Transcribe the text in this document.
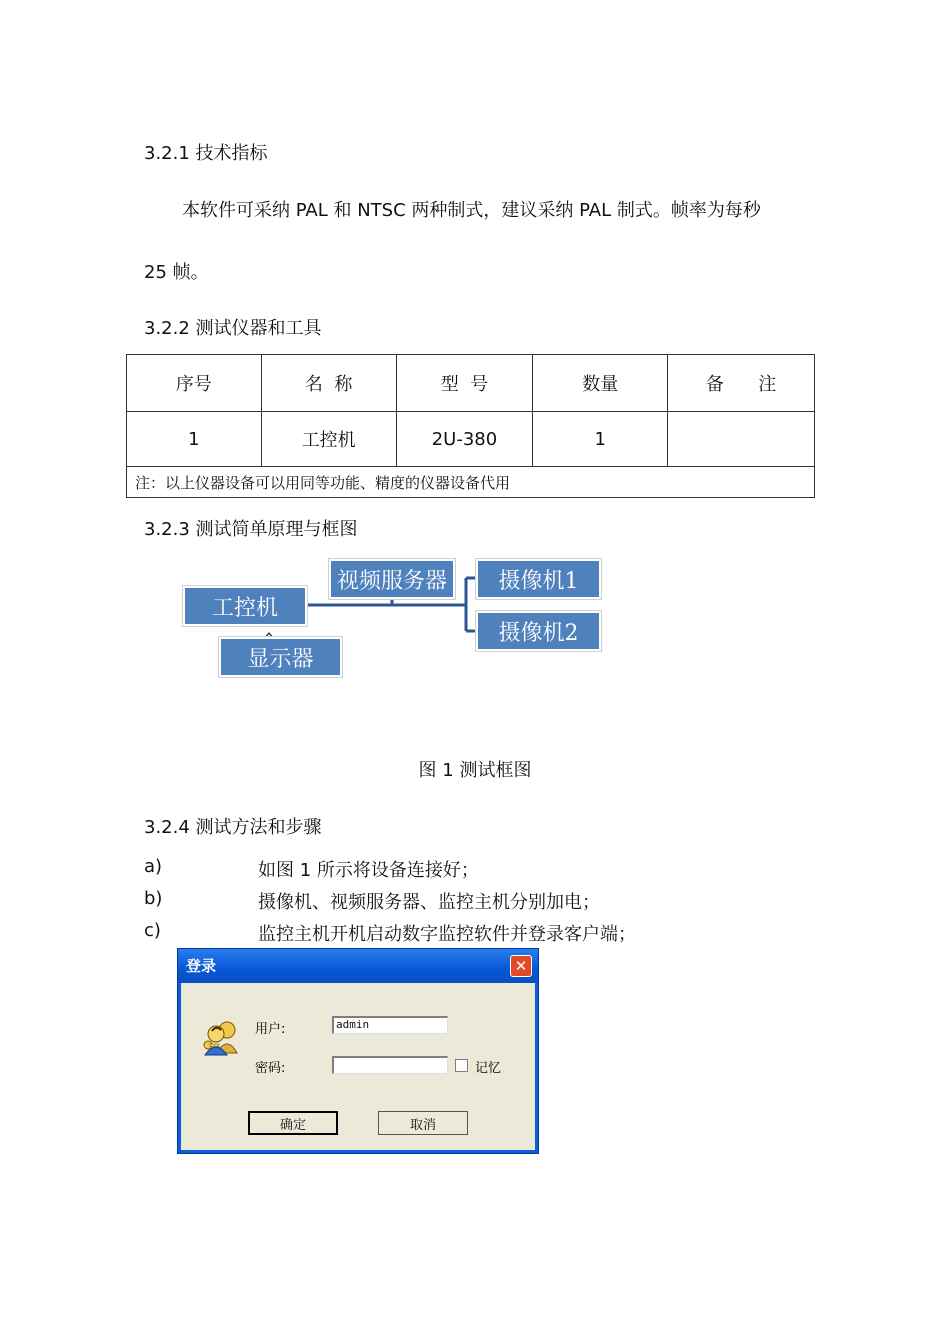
3.2.1 技术指标
本软件可采纳 PAL 和 NTSC 两种制式，建议采纳 PAL 制式。帧率为每秒
25 帧。
3.2.2 测试仪器和工具
序号	名  称	型  号	数量	备      注
1	工控机	2U-380	1	
注：以上仪器设备可以用同等功能、精度的仪器设备代用				
3.2.3 测试简单原理与框图
工控机
视频服务器	摄像机1
摄像机2
显示器
图 1 测试框图
3.2.4 测试方法和步骤
a)	如图 1 所示将设备连接好；
b)	摄像机、视频服务器、监控主机分别加电；
c)	监控主机开机启动数字监控软件并登录客户端；
登录	✕
用户:	admin
密码:	记忆
确定	取消
